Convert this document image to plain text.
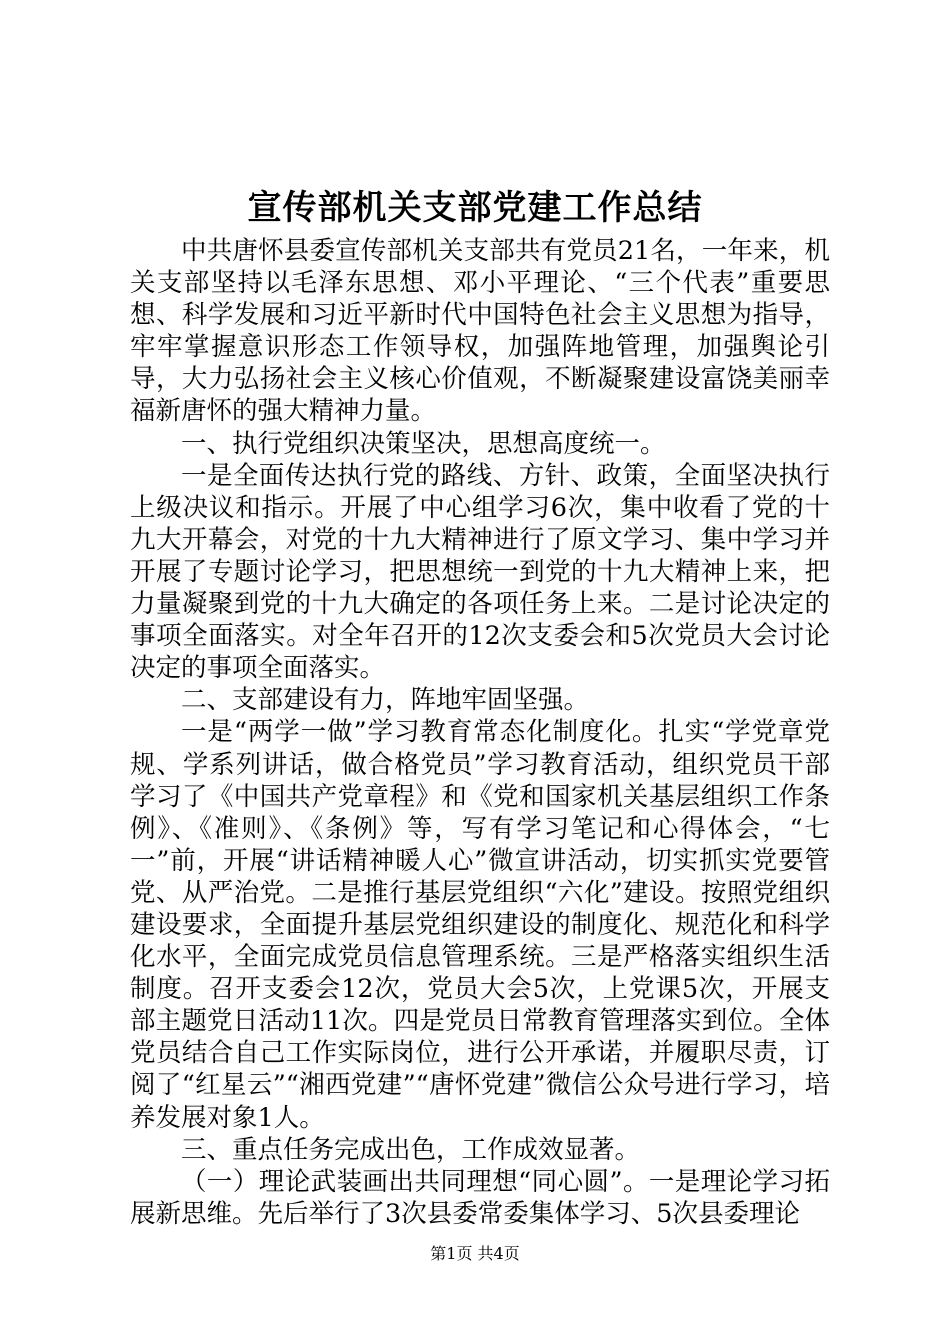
宣传部机关支部党建工作总结

中共唐怀县委宣传部机关支部共有党员21名，一年来，机关支部坚持以毛泽东思想、邓小平理论、“三个代表”重要思想、科学发展和习近平新时代中国特色社会主义思想为指导，牢牢掌握意识形态工作领导权，加强阵地管理，加强舆论引导，大力弘扬社会主义核心价值观，不断凝聚建设富饶美丽幸福新唐怀的强大精神力量。

一、执行党组织决策坚决，思想高度统一。

一是全面传达执行党的路线、方针、政策，全面坚决执行上级决议和指示。开展了中心组学习6次，集中收看了党的十九大开幕会，对党的十九大精神进行了原文学习、集中学习并开展了专题讨论学习，把思想统一到党的十九大精神上来，把力量凝聚到党的十九大确定的各项任务上来。二是讨论决定的事项全面落实。对全年召开的12次支委会和5次党员大会讨论决定的事项全面落实。

二、支部建设有力，阵地牢固坚强。

一是“两学一做”学习教育常态化制度化。扎实“学党章党规、学系列讲话，做合格党员”学习教育活动，组织党员干部学习了《中国共产党章程》和《党和国家机关基层组织工作条例》、《准则》、《条例》等，写有学习笔记和心得体会，“七一”前，开展“讲话精神暖人心”微宣讲活动，切实抓实党要管党、从严治党。二是推行基层党组织“六化”建设。按照党组织建设要求，全面提升基层党组织建设的制度化、规范化和科学化水平，全面完成党员信息管理系统。三是严格落实组织生活制度。召开支委会12次，党员大会5次，上党课5次，开展支部主题党日活动11次。四是党员日常教育管理落实到位。全体党员结合自己工作实际岗位，进行公开承诺，并履职尽责，订阅了“红星云”“湘西党建”“唐怀党建”微信公众号进行学习，培养发展对象1人。

三、重点任务完成出色，工作成效显著。

（一）理论武装画出共同理想“同心圆”。一是理论学习拓展新思维。先后举行了3次县委常委集体学习、5次县委理论

第1页 共4页
